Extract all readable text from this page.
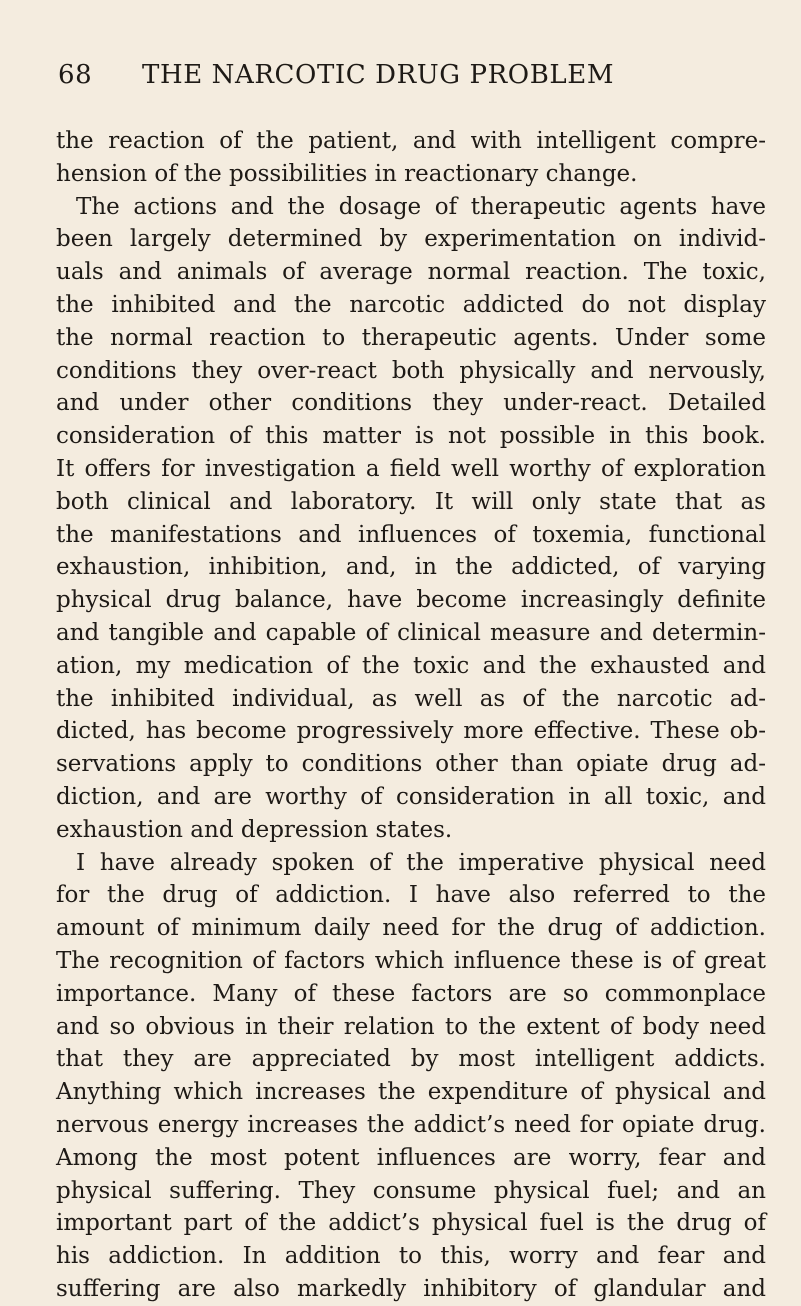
68 THE NARCOTIC DRUG PROBLEM
the reaction of the patient, and with intelligent compre-
hension of the possibilities in reactionary change.
The actions and the dosage of therapeutic agents have
been largely determined by experimentation on individ-
uals and animals of average normal reaction. The toxic,
the inhibited and the narcotic addicted do not display
the normal reaction to therapeutic agents. Under some
conditions they over-react both physically and nervously,
and under other conditions they under-react. Detailed
consideration of this matter is not possible in this book.
It offers for investigation a field well worthy of exploration
both clinical and laboratory. It will only state that as
the manifestations and influences of toxemia, functional
exhaustion, inhibition, and, in the addicted, of varying
physical drug balance, have become increasingly definite
and tangible and capable of clinical measure and determin-
ation, my medication of the toxic and the exhausted and
the inhibited individual, as well as of the narcotic ad-
dicted, has become progressively more effective. These ob-
servations apply to conditions other than opiate drug ad-
diction, and are worthy of consideration in all toxic, and
exhaustion and depression states.
I have already spoken of the imperative physical need
for the drug of addiction. I have also referred to the
amount of minimum daily need for the drug of addiction.
The recognition of factors which influence these is of great
importance. Many of these factors are so commonplace
and so obvious in their relation to the extent of body need
that they are appreciated by most intelligent addicts.
Anything which increases the expenditure of physical and
nervous energy increases the addict’s need for opiate drug.
Among the most potent influences are worry, fear and
physical suffering. They consume physical fuel; and an
important part of the addict’s physical fuel is the drug of
his addiction. In addition to this, worry and fear and
suffering are also markedly inhibitory of glandular and
